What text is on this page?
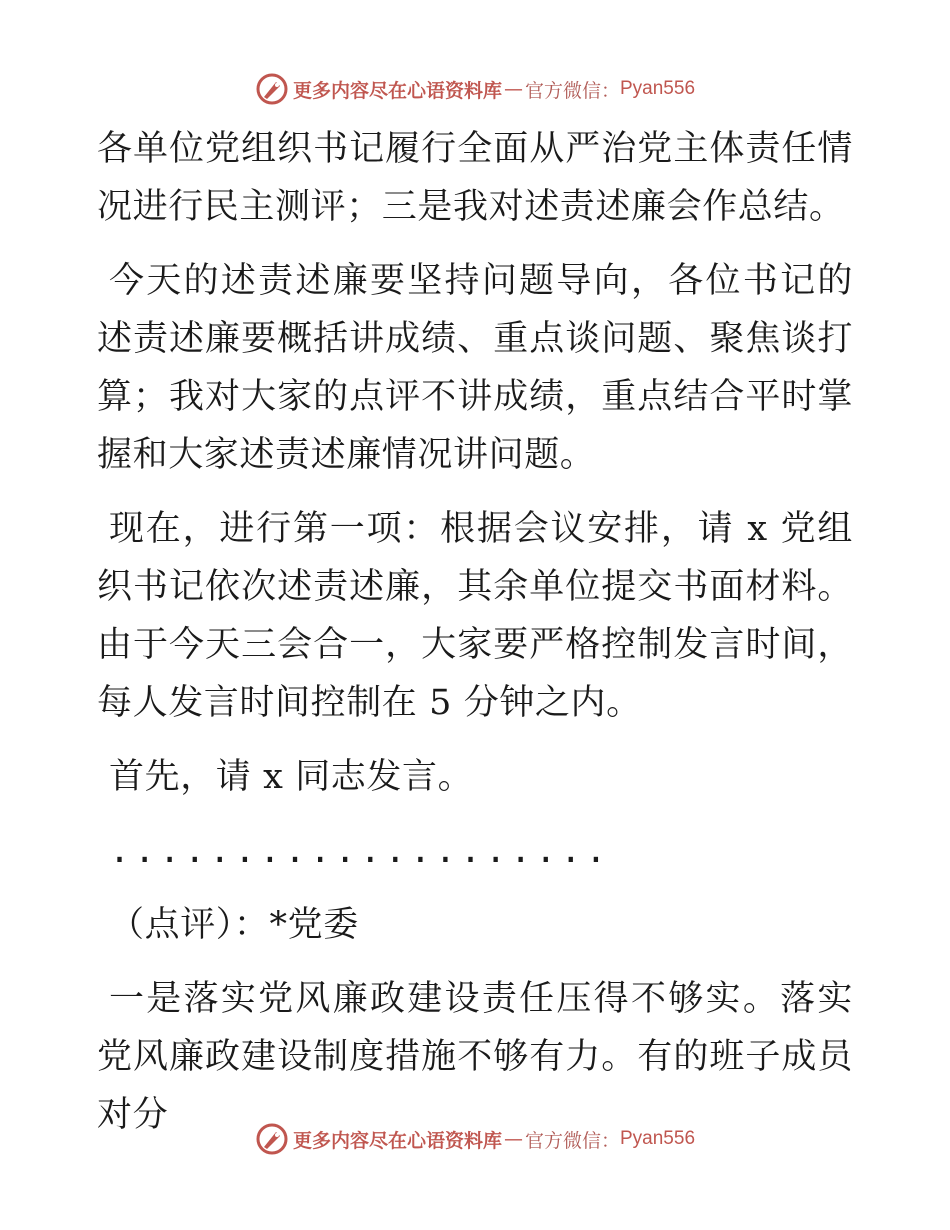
更多内容尽在心语资料库 — 官方微信： Pyan556

各单位党组织书记履行全面从严治党主体责任情况进行民主测评；三是我对述责述廉会作总结。

今天的述责述廉要坚持问题导向，各位书记的述责述廉要概括讲成绩、重点谈问题、聚焦谈打算；我对大家的点评不讲成绩，重点结合平时掌握和大家述责述廉情况讲问题。

现在，进行第一项：根据会议安排，请 x 党组织书记依次述责述廉，其余单位提交书面材料。由于今天三会合一，大家要严格控制发言时间，每人发言时间控制在 5 分钟之内。

首先，请 x 同志发言。

....................

（点评）：*党委

一是落实党风廉政建设责任压得不够实。落实党风廉政建设制度措施不够有力。有的班子成员对分

更多内容尽在心语资料库 — 官方微信： Pyan556
